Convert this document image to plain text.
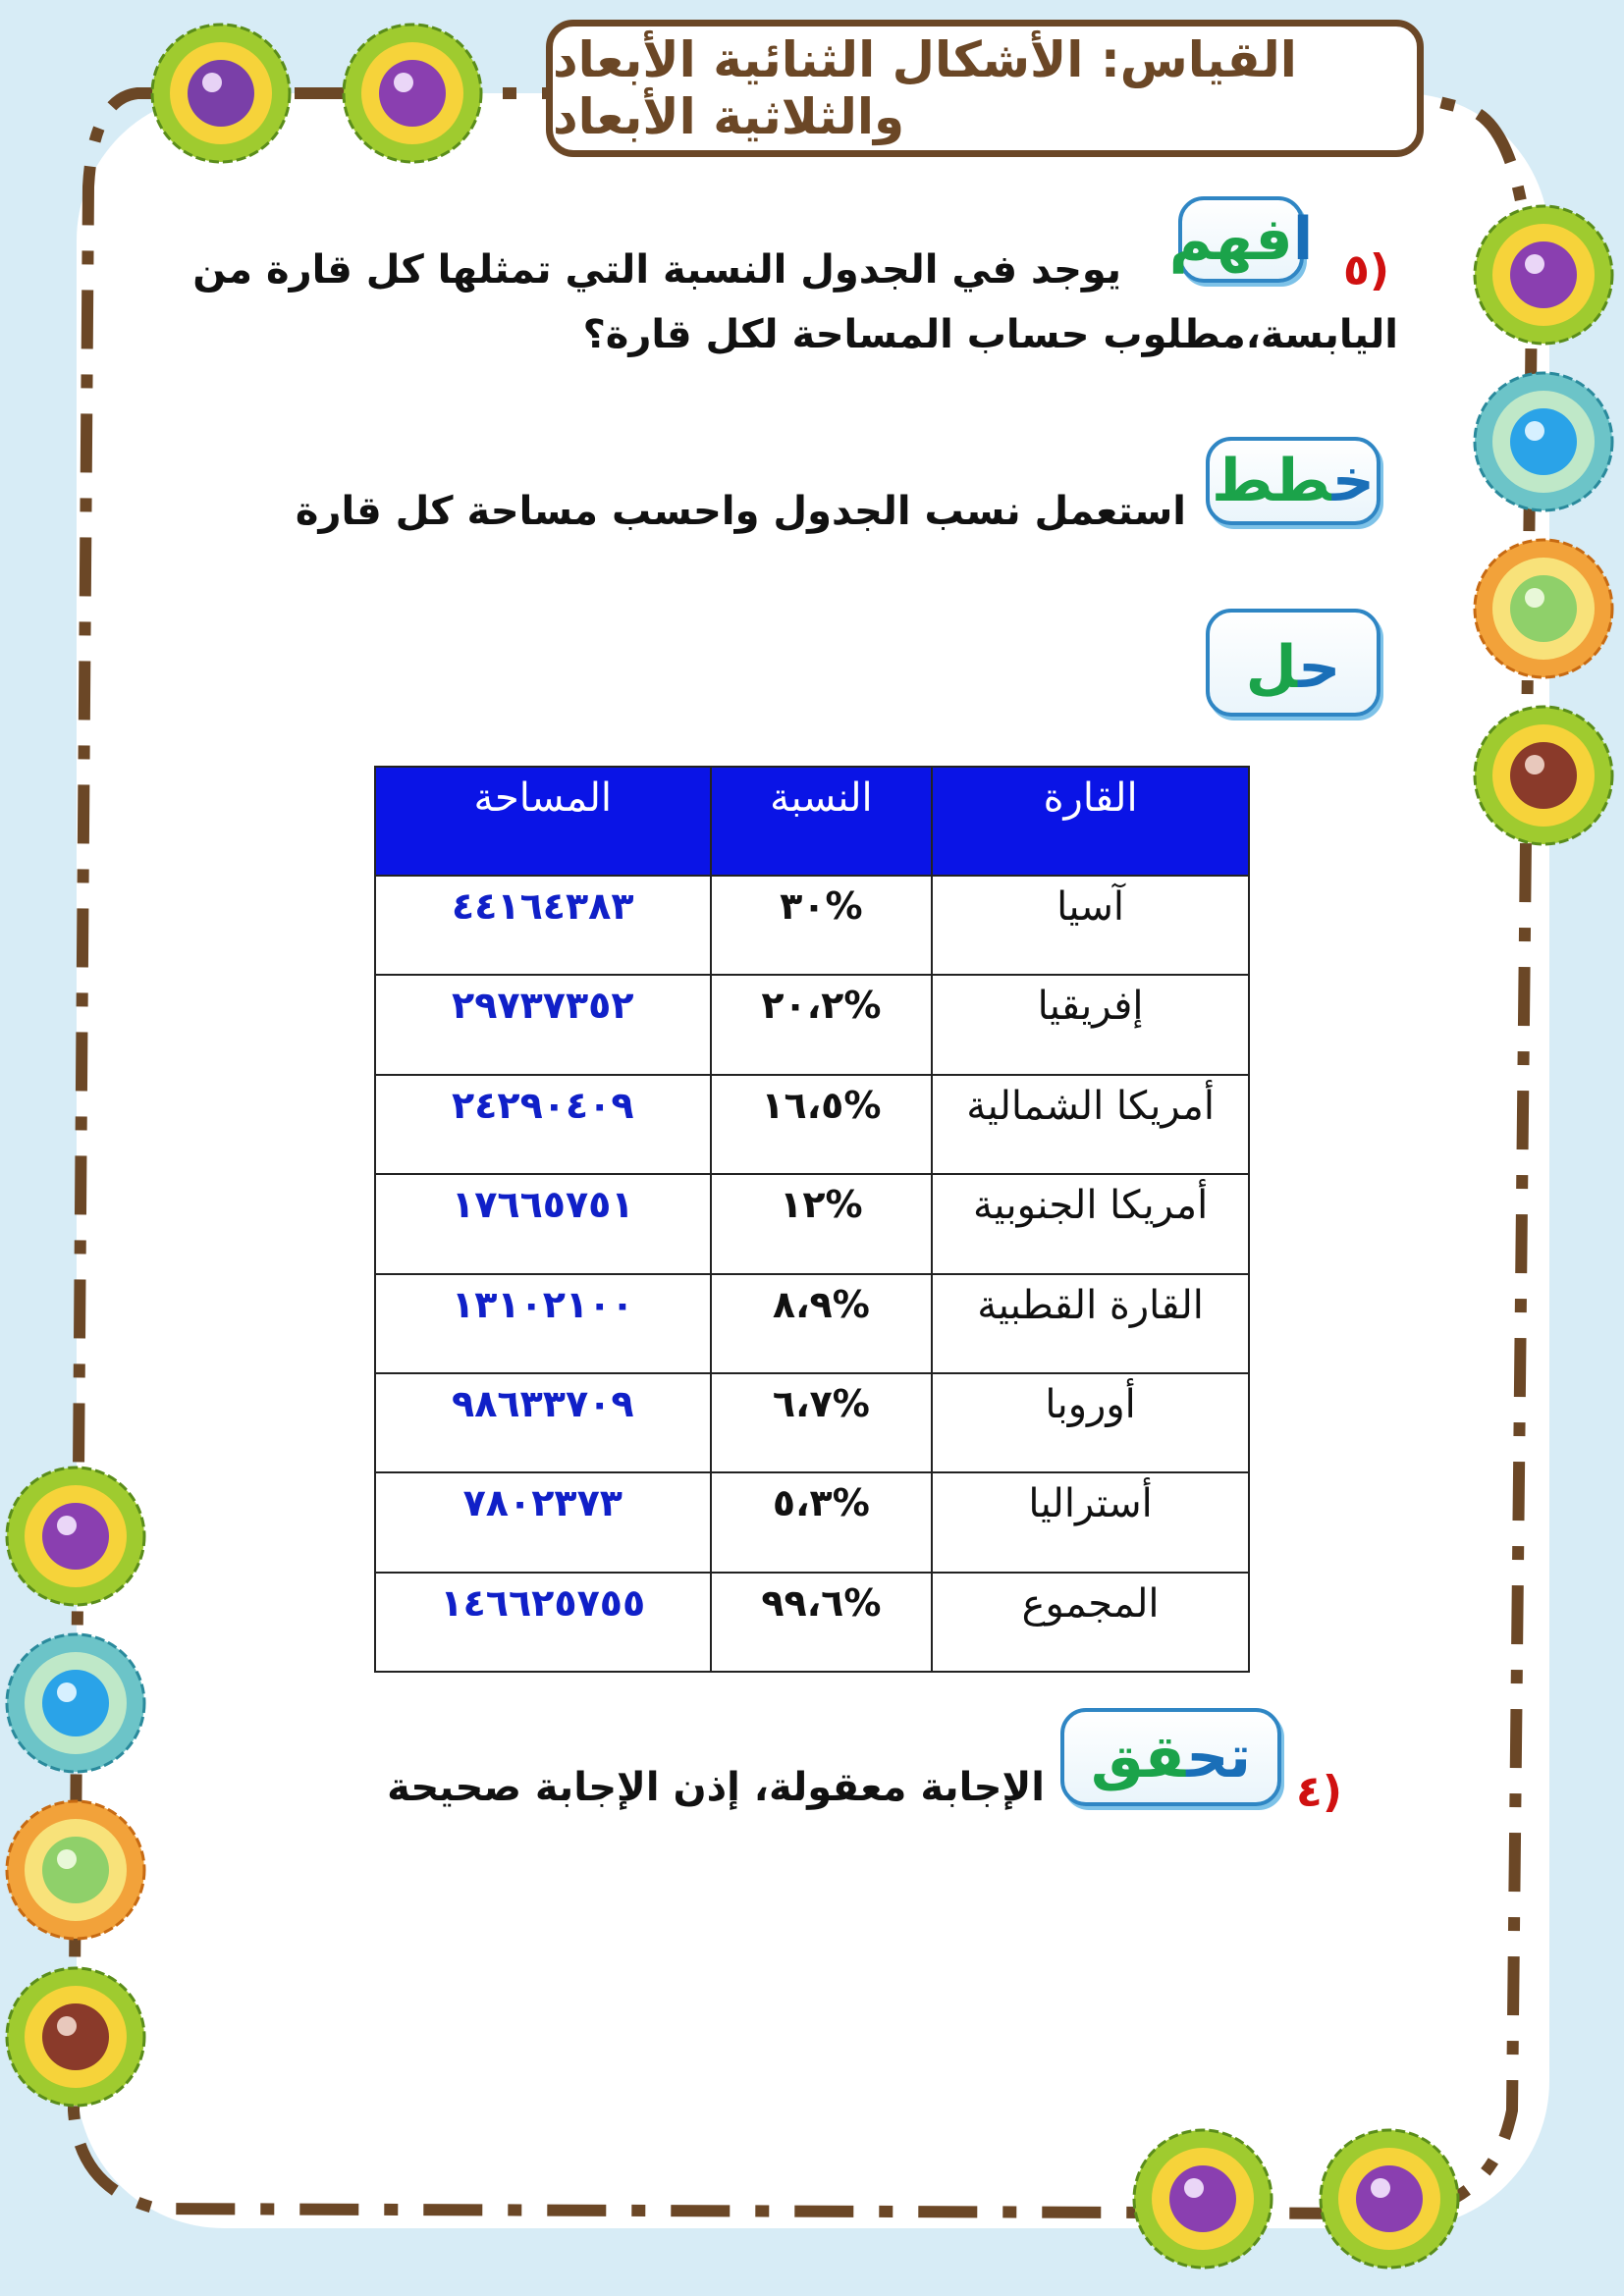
القياس: الأشكال الثنائية الأبعاد والثلاثية الأبعاد
افهم	٥)
يوجد في الجدول النسبة التي تمثلها كل قارة من
اليابسة،مطلوب حساب المساحة لكل قارة؟
خطط
استعمل نسب الجدول واحسب مساحة كل قارة
حل
القارة	النسبة	المساحة
آسيا	%٣٠	٤٤١٦٤٣٨٣
إفريقيا	%٢٠،٢	٢٩٧٣٧٣٥٢
أمريكا الشمالية	%١٦،٥	٢٤٢٩٠٤٠٩
أمريكا الجنوبية	%١٢	١٧٦٦٥٧٥١
القارة القطبية	%٨،٩	١٣١٠٢١٠٠
أوروبا	%٦،٧	٩٨٦٣٣٧٠٩
أستراليا	%٥،٣	٧٨٠٢٣٧٣
المجموع	%٩٩،٦	١٤٦٦٢٥٧٥٥
تحقق
٤)
الإجابة معقولة، إذن الإجابة صحيحة
